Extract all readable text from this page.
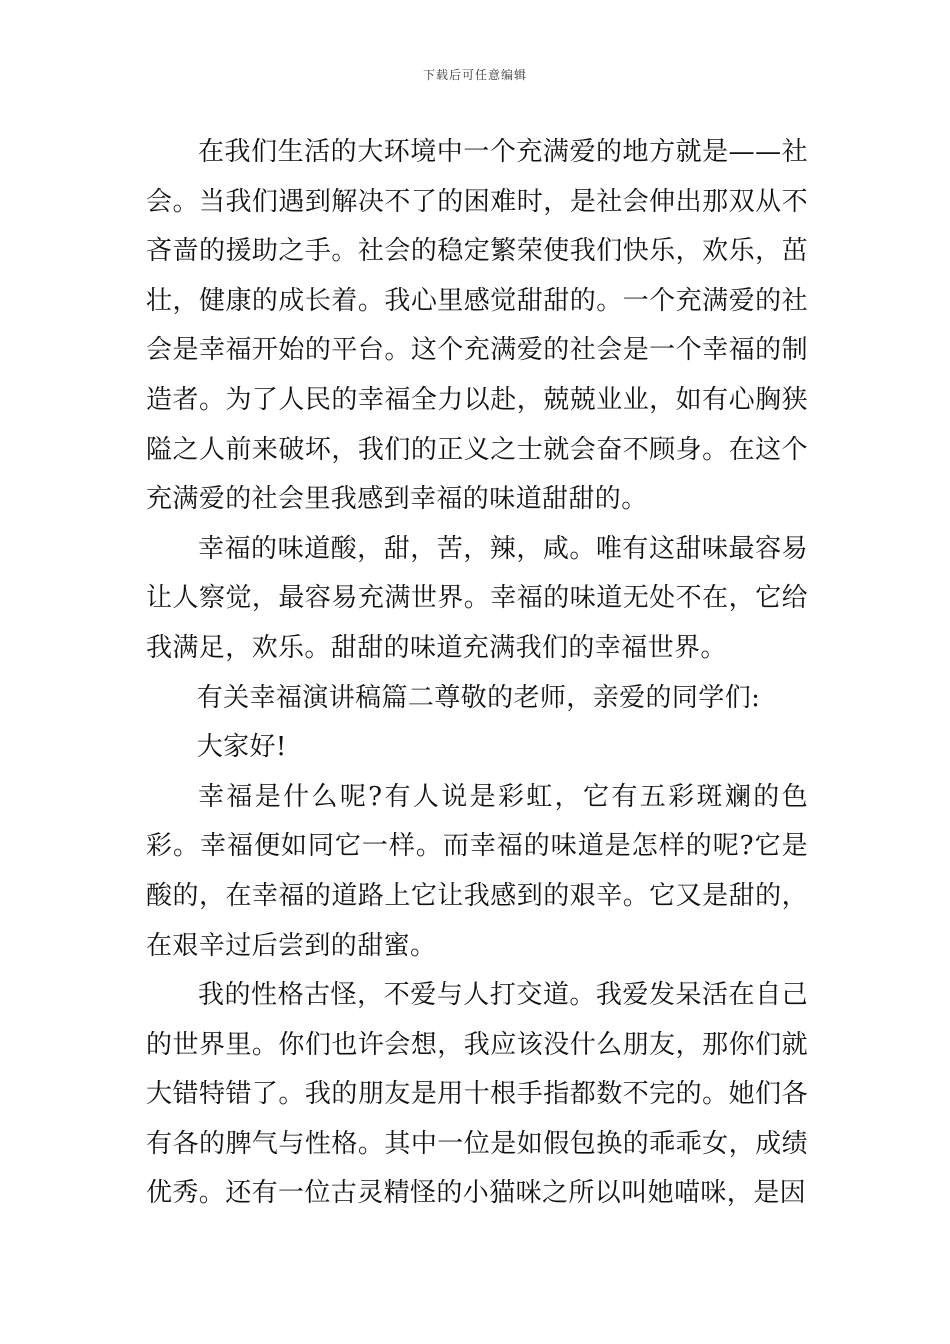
下载后可任意编辑

在我们生活的大环境中一个充满爱的地方就是——社会。当我们遇到解决不了的困难时，是社会伸出那双从不吝啬的援助之手。社会的稳定繁荣使我们快乐，欢乐，茁壮，健康的成长着。我心里感觉甜甜的。一个充满爱的社会是幸福开始的平台。这个充满爱的社会是一个幸福的制造者。为了人民的幸福全力以赴，兢兢业业，如有心胸狭隘之人前来破坏，我们的正义之士就会奋不顾身。在这个充满爱的社会里我感到幸福的味道甜甜的。

幸福的味道酸，甜，苦，辣，咸。唯有这甜味最容易让人察觉，最容易充满世界。幸福的味道无处不在，它给我满足，欢乐。甜甜的味道充满我们的幸福世界。

有关幸福演讲稿篇二尊敬的老师，亲爱的同学们:

大家好!

幸福是什么呢?有人说是彩虹，它有五彩斑斓的色彩。幸福便如同它一样。而幸福的味道是怎样的呢?它是酸的，在幸福的道路上它让我感到的艰辛。它又是甜的，在艰辛过后尝到的甜蜜。

我的性格古怪，不爱与人打交道。我爱发呆活在自己的世界里。你们也许会想，我应该没什么朋友，那你们就大错特错了。我的朋友是用十根手指都数不完的。她们各有各的脾气与性格。其中一位是如假包换的乖乖女，成绩优秀。还有一位古灵精怪的小猫咪之所以叫她喵咪，是因
